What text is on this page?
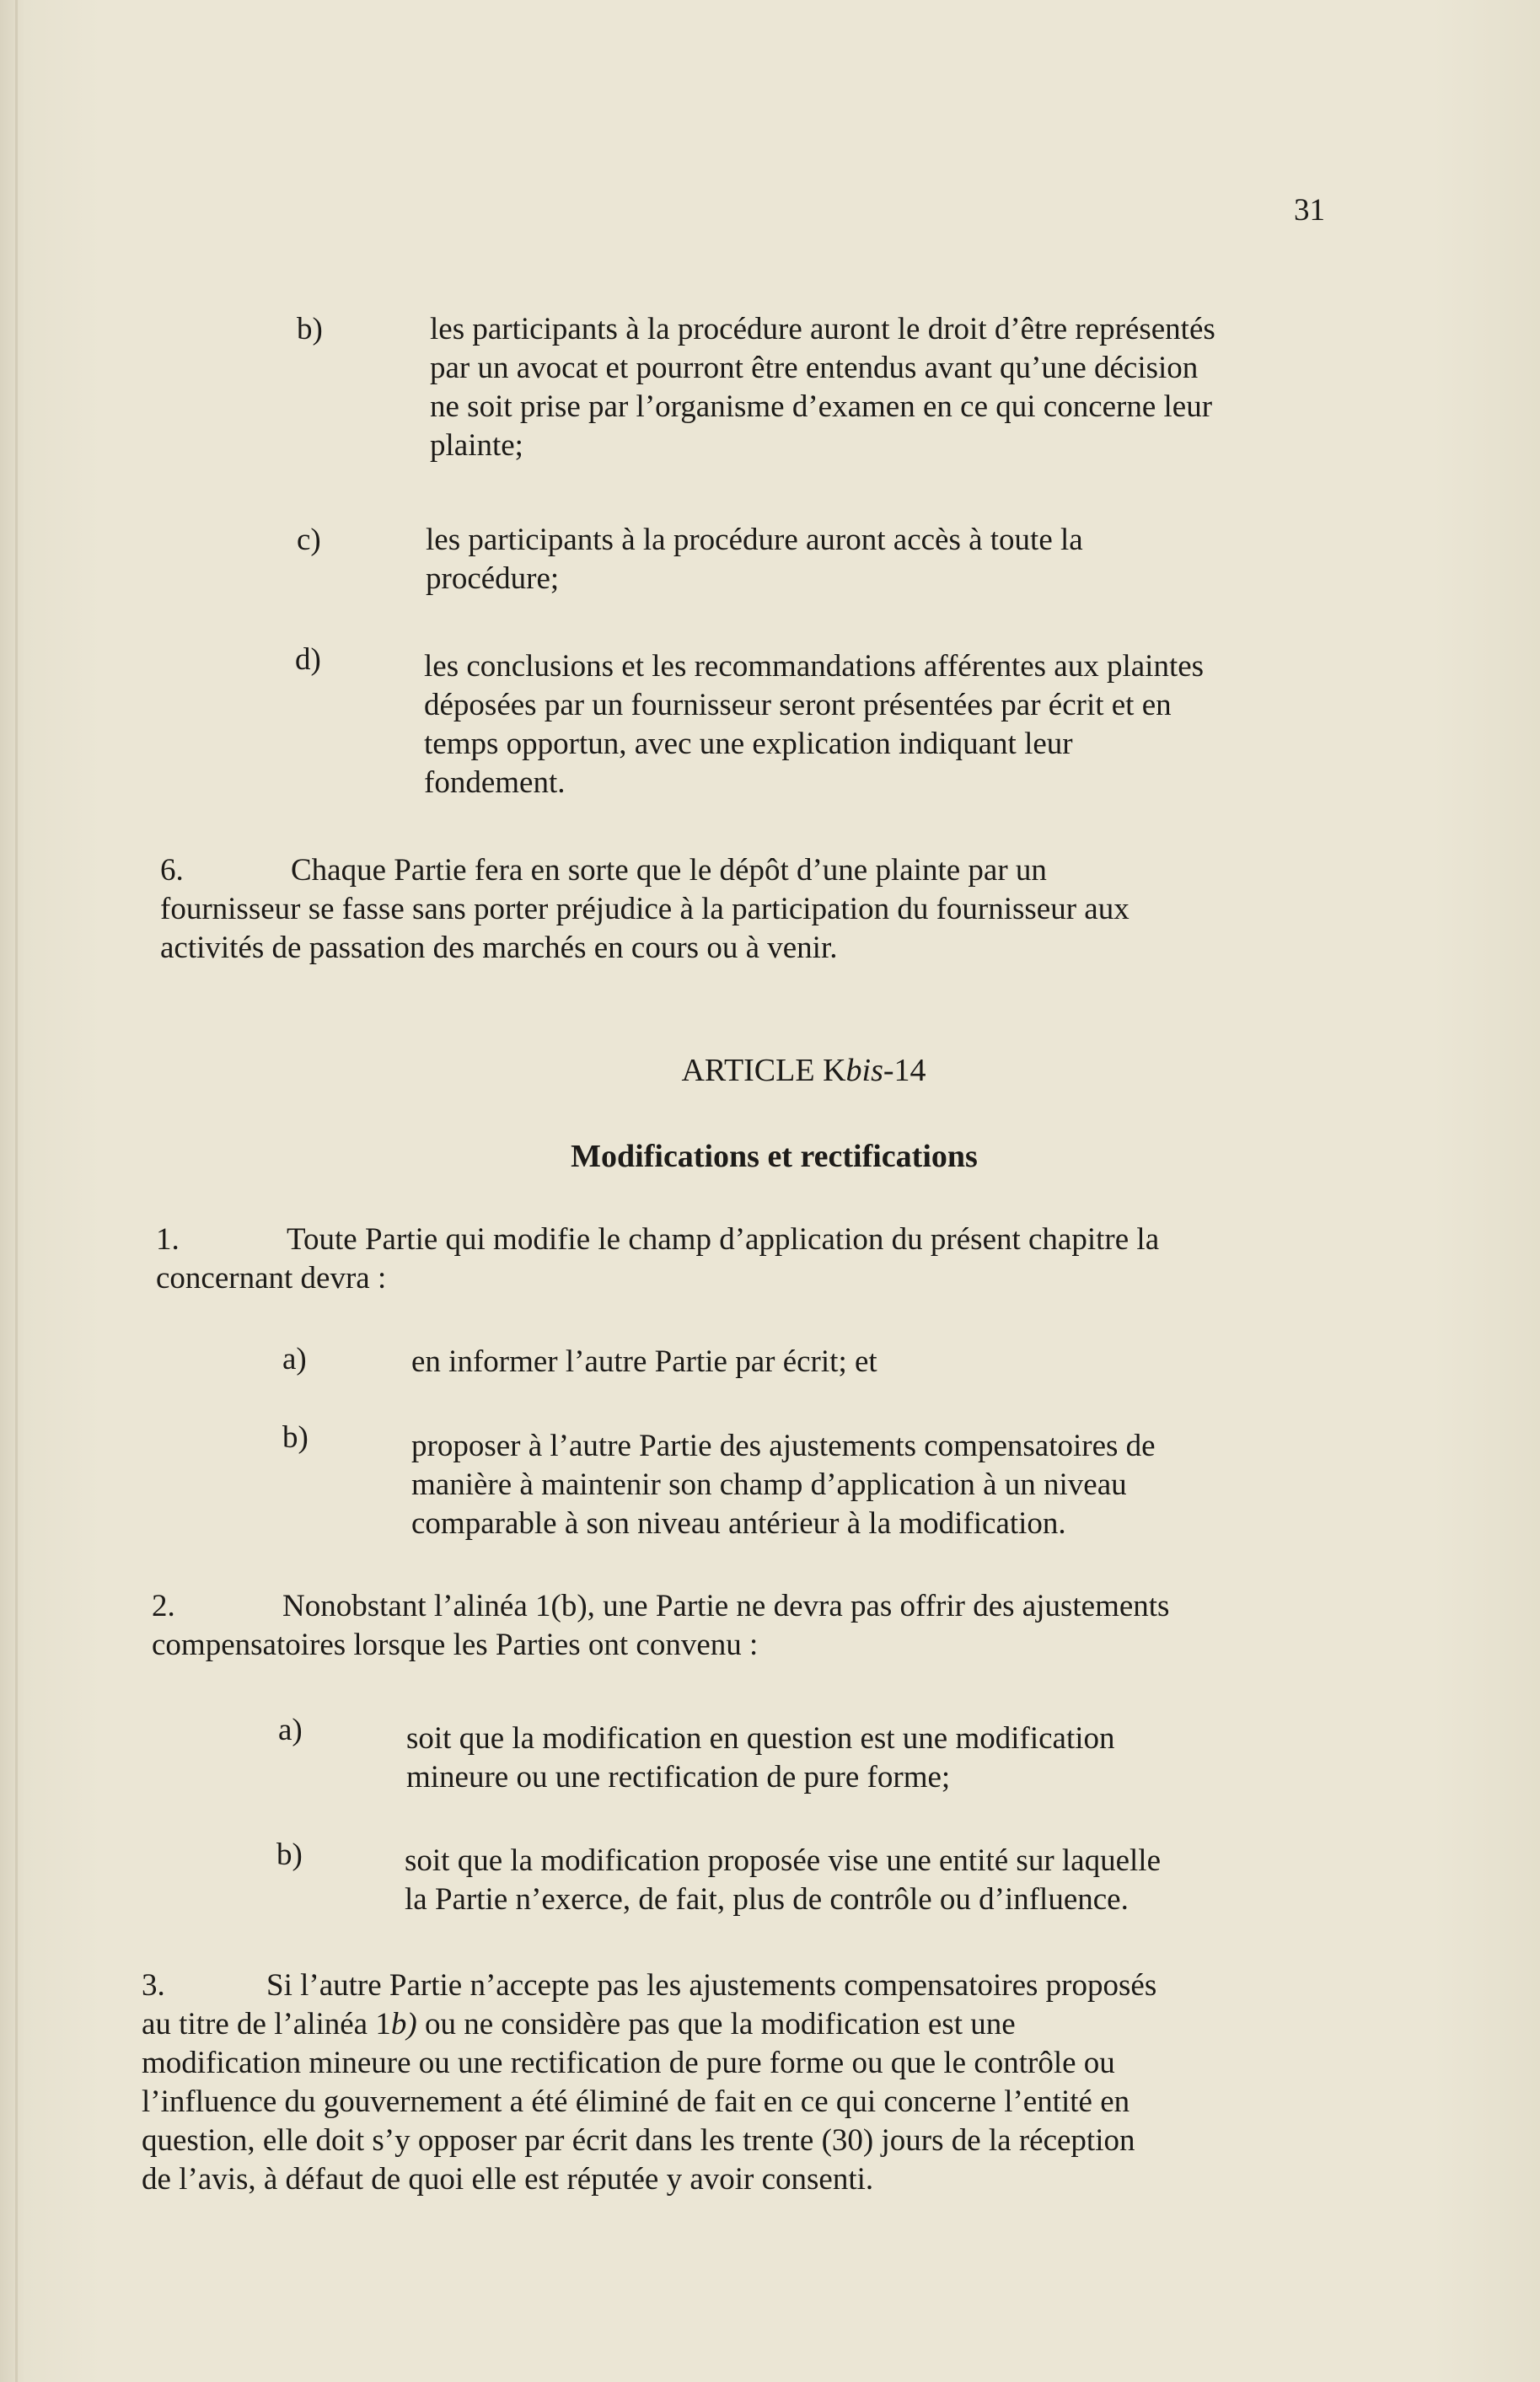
31
b)	les participants à la procédure auront le droit d’être représentés
par un avocat et pourront être entendus avant qu’une décision
ne soit prise par l’organisme d’examen en ce qui concerne leur
plainte;
c)	les participants à la procédure auront accès à toute la
procédure;
d)	les conclusions et les recommandations afférentes aux plaintes
déposées par un fournisseur seront présentées par écrit et en
temps opportun, avec une explication indiquant leur
fondement.
6.	Chaque Partie fera en sorte que le dépôt d’une plainte par un
fournisseur se fasse sans porter préjudice à la participation du fournisseur aux
activités de passation des marchés en cours ou à venir.
ARTICLE Kbis-14
Modifications et rectifications
1.	Toute Partie qui modifie le champ d’application du présent chapitre la
concernant devra :
a)	en informer l’autre Partie par écrit; et
b)	proposer à l’autre Partie des ajustements compensatoires de
manière à maintenir son champ d’application à un niveau
comparable à son niveau antérieur à la modification.
2.	Nonobstant l’alinéa 1(b), une Partie ne devra pas offrir des ajustements
compensatoires lorsque les Parties ont convenu :
a)	soit que la modification en question est une modification
mineure ou une rectification de pure forme;
b)	soit que la modification proposée vise une entité sur laquelle
la Partie n’exerce, de fait, plus de contrôle ou d’influence.
3.	Si l’autre Partie n’accepte pas les ajustements compensatoires proposés
au titre de l’alinéa 1b) ou ne considère pas que la modification est une
modification mineure ou une rectification de pure forme ou que le contrôle ou
l’influence du gouvernement a été éliminé de fait en ce qui concerne l’entité en
question, elle doit s’y opposer par écrit dans les trente (30) jours de la réception
de l’avis, à défaut de quoi elle est réputée y avoir consenti.
